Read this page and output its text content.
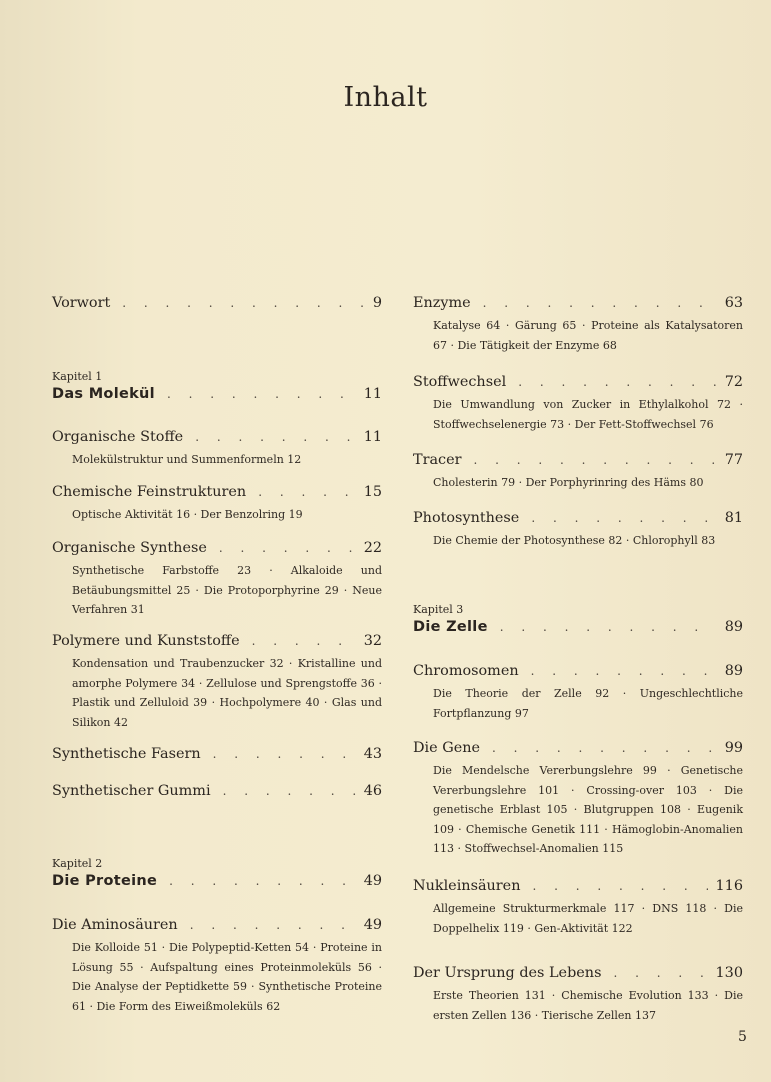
Inhalt
Vorwort . . .	9
Kapitel 1
Das Molekül . . .	11
Organische Stoffe . . .	11
Molekülstruktur und Summenformeln 12
Chemische Feinstrukturen . . .	15
Optische Aktivität 16 · Der Benzolring 19
Organische Synthese . . .	22
Synthetische Farbstoffe 23 · Alkaloide und Betäubungsmittel 25 · Die Protoporphyrine 29 · Neue Verfahren 31
Polymere und Kunststoffe . . .	32
Kondensation und Traubenzucker 32 · Kristalline und amorphe Polymere 34 · Zellulose und Sprengstoffe 36 · Plastik und Zelluloid 39 · Hochpolymere 40 · Glas und Silikon 42
Synthetische Fasern . . .	43
Synthetischer Gummi . . .	46
Kapitel 2
Die Proteine . . .	49
Die Aminosäuren . . .	49
Die Kolloide 51 · Die Polypeptid-Ketten 54 · Proteine in Lösung 55 · Aufspaltung eines Proteinmoleküls 56 · Die Analyse der Peptidkette 59 · Synthetische Proteine 61 · Die Form des Eiweißmoleküls 62
Enzyme . . .	63
Katalyse 64 · Gärung 65 · Proteine als Katalysatoren 67 · Die Tätigkeit der Enzyme 68
Stoffwechsel . . .	72
Die Umwandlung von Zucker in Ethylalkohol 72 · Stoffwechselenergie 73 · Der Fett-Stoffwechsel 76
Tracer . . .	77
Cholesterin 79 · Der Porphyrinring des Häms 80
Photosynthese . . .	81
Die Chemie der Photosynthese 82 · Chlorophyll 83
Kapitel 3
Die Zelle . . .	89
Chromosomen . . .	89
Die Theorie der Zelle 92 · Ungeschlechtliche Fortpflanzung 97
Die Gene . . .	99
Die Mendelsche Vererbungslehre 99 · Genetische Vererbungslehre 101 · Crossing-over 103 · Die genetische Erblast 105 · Blutgruppen 108 · Eugenik 109 · Chemische Genetik 111 · Hämoglobin-Anomalien 113 · Stoffwechsel-Anomalien 115
Nukleinsäuren . . .	116
Allgemeine Strukturmerkmale 117 · DNS 118 · Die Doppelhelix 119 · Gen-Aktivität 122
Der Ursprung des Lebens . . .	130
Erste Theorien 131 · Chemische Evolution 133 · Die ersten Zellen 136 · Tierische Zellen 137
5
